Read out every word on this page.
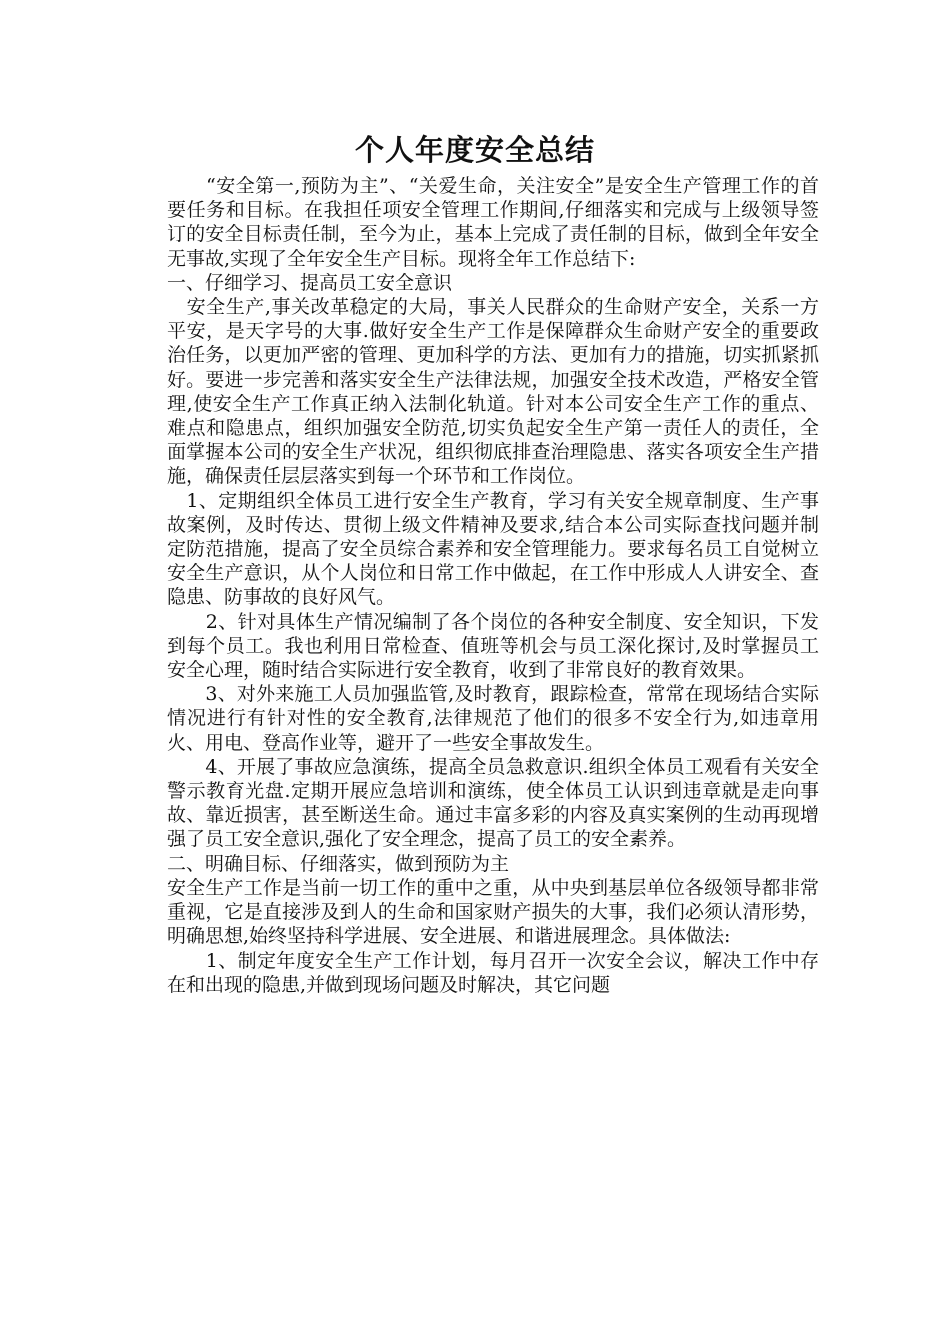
个人年度安全总结

　　“安全第一,预防为主”、“关爱生命，关注安全”是安全生产管理工作的首要任务和目标。在我担任项安全管理工作期间,仔细落实和完成与上级领导签订的安全目标责任制，至今为止，基本上完成了责任制的目标，做到全年安全无事故,实现了全年安全生产目标。现将全年工作总结下:

一、仔细学习、提高员工安全意识

　安全生产,事关改革稳定的大局，事关人民群众的生命财产安全，关系一方平安，是天字号的大事.做好安全生产工作是保障群众生命财产安全的重要政治任务，以更加严密的管理、更加科学的方法、更加有力的措施，切实抓紧抓好。要进一步完善和落实安全生产法律法规，加强安全技术改造，严格安全管理,使安全生产工作真正纳入法制化轨道。针对本公司安全生产工作的重点、难点和隐患点，组织加强安全防范,切实负起安全生产第一责任人的责任，全面掌握本公司的安全生产状况，组织彻底排查治理隐患、落实各项安全生产措施，确保责任层层落实到每一个环节和工作岗位。

　1、定期组织全体员工进行安全生产教育，学习有关安全规章制度、生产事故案例，及时传达、贯彻上级文件精神及要求,结合本公司实际查找问题并制定防范措施，提高了安全员综合素养和安全管理能力。要求每名员工自觉树立安全生产意识，从个人岗位和日常工作中做起，在工作中形成人人讲安全、查隐患、防事故的良好风气。

　　2、针对具体生产情况编制了各个岗位的各种安全制度、安全知识，下发到每个员工。我也利用日常检查、值班等机会与员工深化探讨,及时掌握员工安全心理，随时结合实际进行安全教育，收到了非常良好的教育效果。

　　3、对外来施工人员加强监管,及时教育，跟踪检查，常常在现场结合实际情况进行有针对性的安全教育,法律规范了他们的很多不安全行为,如违章用火、用电、登高作业等，避开了一些安全事故发生。

　　4、开展了事故应急演练，提高全员急救意识.组织全体员工观看有关安全警示教育光盘.定期开展应急培训和演练，使全体员工认识到违章就是走向事故、靠近损害，甚至断送生命。通过丰富多彩的内容及真实案例的生动再现增强了员工安全意识,强化了安全理念，提高了员工的安全素养。

二、明确目标、仔细落实，做到预防为主

安全生产工作是当前一切工作的重中之重，从中央到基层单位各级领导都非常重视，它是直接涉及到人的生命和国家财产损失的大事，我们必须认清形势，明确思想,始终坚持科学进展、安全进展、和谐进展理念。具体做法:

　　1、制定年度安全生产工作计划，每月召开一次安全会议，解决工作中存在和出现的隐患,并做到现场问题及时解决，其它问题
